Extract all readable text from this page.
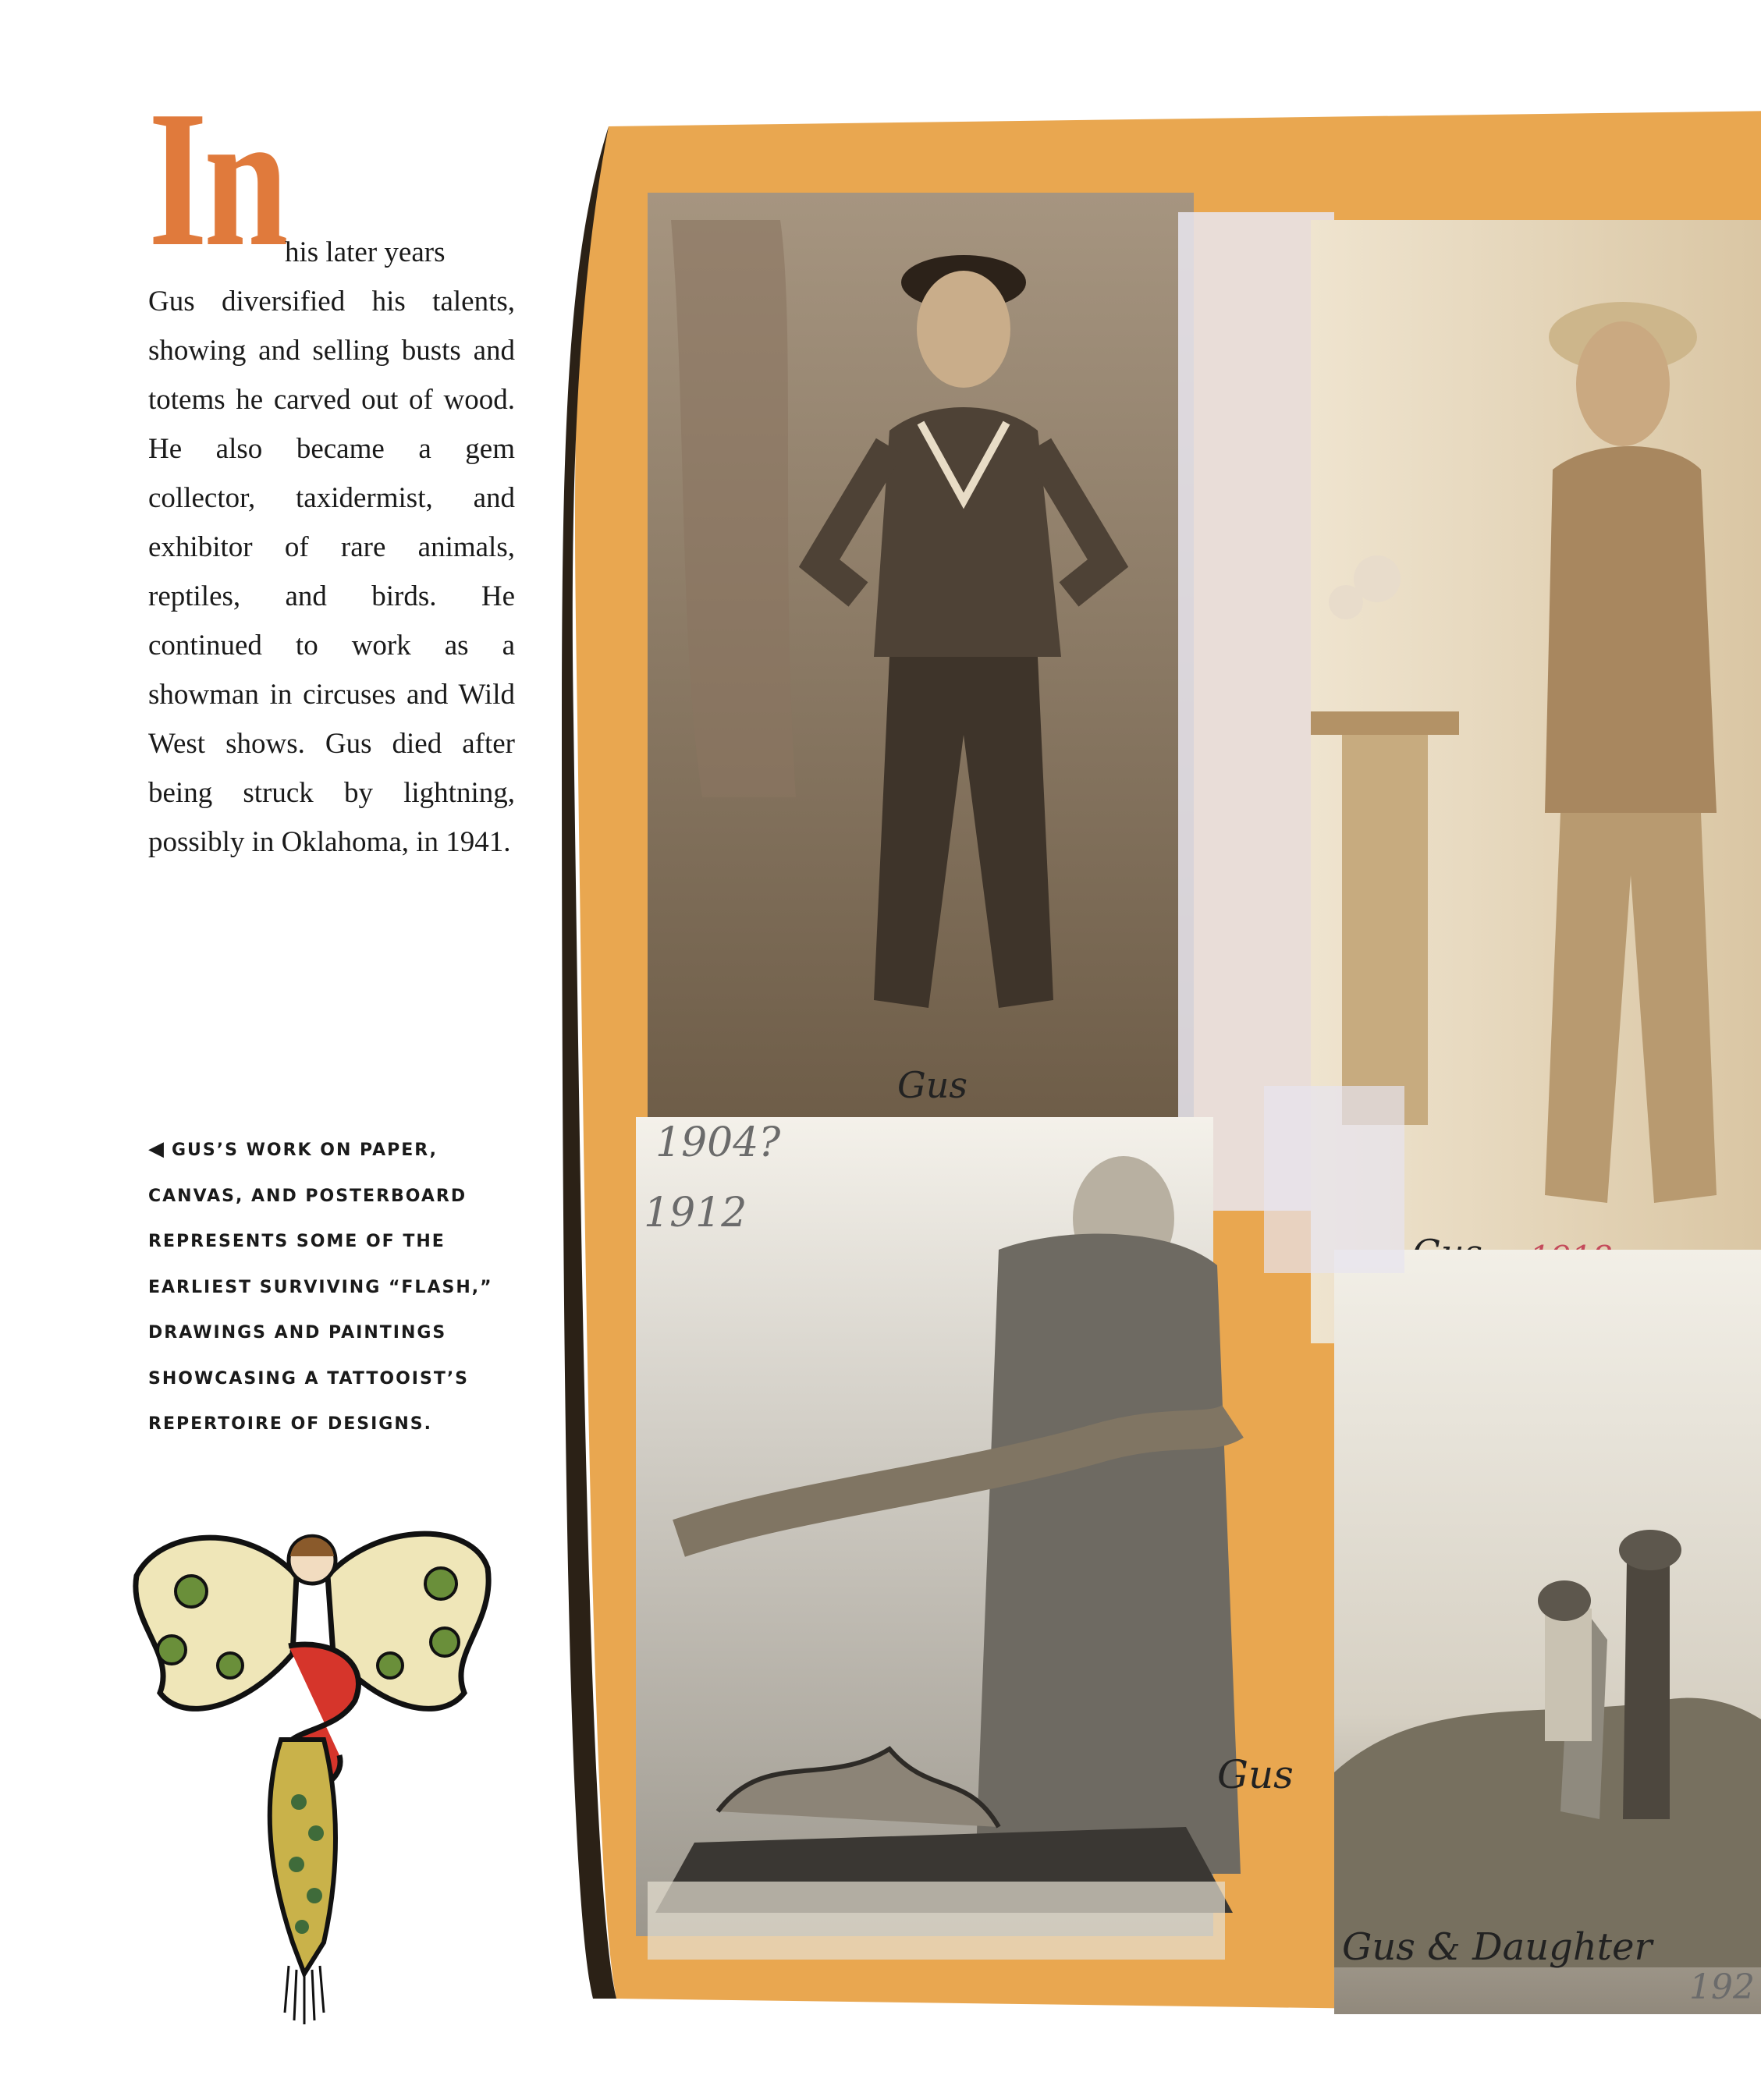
In his later years
Gus diversified his talents, showing and selling busts and totems he carved out of wood. He also became a gem collector, taxidermist, and exhibitor of rare animals, reptiles, and birds. He continued to work as a showman in circuses and Wild West shows. Gus died after being struck by lightning, possibly in Oklahoma, in 1941.

◀ GUS’S WORK ON PAPER, CANVAS, AND POSTERBOARD REPRESENTS SOME OF THE EARLIEST SURVIVING “FLASH,” DRAWINGS AND PAINTINGS SHOWCASING A TATTOOIST’S REPERTOIRE OF DESIGNS.

Gus
1904?
1912
Gus
Gus & Daughter
192
